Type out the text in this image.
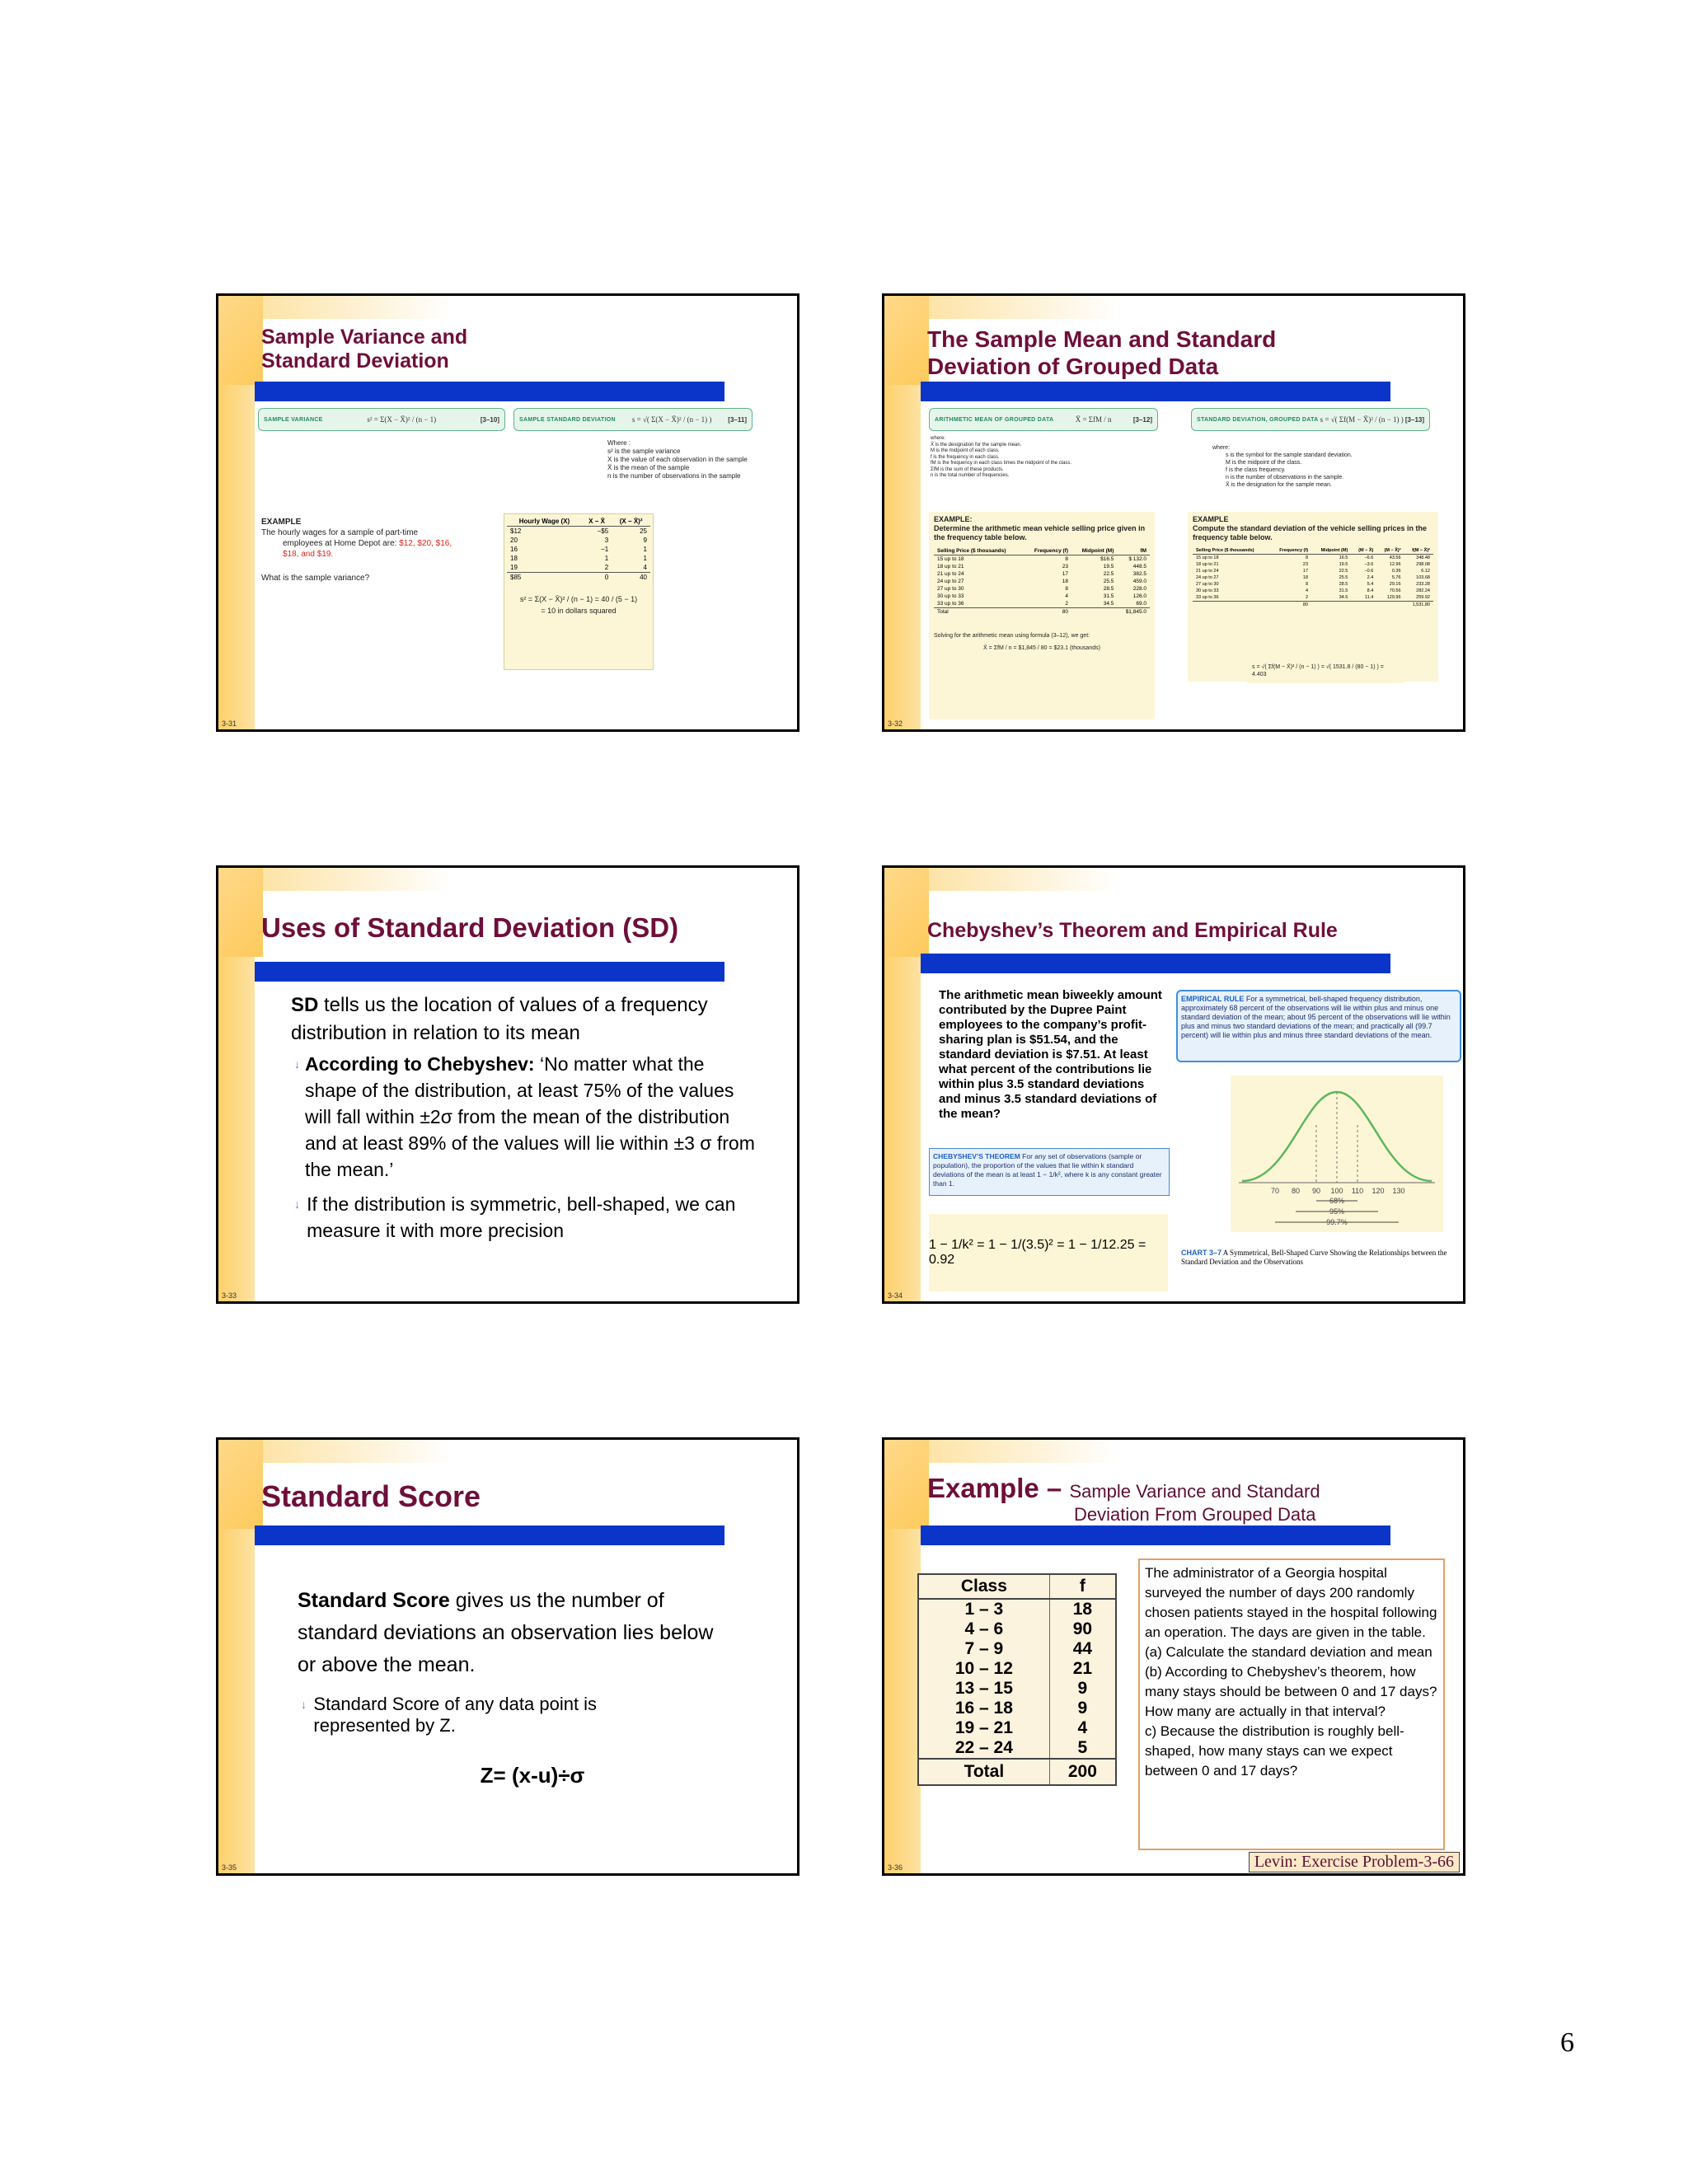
Sample Variance and
Standard Deviation
SAMPLE VARIANCE	s² = Σ(X − X̄)² / (n − 1)	[3–10]	SAMPLE STANDARD DEVIATION s = √( Σ(X − X̄)² / (n − 1) ) [3–11]
Where :
s² is the sample variance
X is the value of each observation in the sample
X̄ is the mean of the sample
n is the number of observations in the sample
EXAMPLE
The hourly wages for a sample of part-time
employees at Home Depot are: $12, $20, $16, $18, and $19.
What is the sample variance?
Hourly Wage (X)	X − X̄	(X − X̄)²
$12	−$5	25
20	3	9
16	−1	1
18	1	1
19	2	4
$85	0	40
s² = Σ(X − X̄)² / (n − 1) = 40 / (5 − 1)
= 10 in dollars squared
3-31
The Sample Mean and Standard
Deviation of Grouped Data
ARITHMETIC MEAN OF GROUPED DATA	X̄ = ΣfM / n	[3–12]	STANDARD DEVIATION, GROUPED DATA s = √( Σf(M − X̄)² / (n − 1) ) [3–13]
where:
X̄ is the designation for the sample mean.
M is the midpoint of each class.
f is the frequency in each class.
fM is the frequency in each class times the midpoint of the class.
ΣfM is the sum of these products.
n is the total number of frequencies.
where:
s is the symbol for the sample standard deviation.
M is the midpoint of the class.
f is the class frequency.
n is the number of observations in the sample.
X̄ is the designation for the sample mean.
EXAMPLE:
Determine the arithmetic mean vehicle selling price given in the frequency table below.
Selling Price ($ thousands)	Frequency (f)	Midpoint (M)	fM
15 up to 18	8	$16.5	$ 132.0
18 up to 21	23	19.5	448.5
21 up to 24	17	22.5	382.5
24 up to 27	18	25.5	459.0
27 up to 30	8	28.5	228.0
30 up to 33	4	31.5	126.0
33 up to 36	2	34.5	69.0
Total	80		$1,845.0
Solving for the arithmetic mean using formula (3–12), we get:
X̄ = ΣfM / n = $1,845 / 80 = $23.1 (thousands)
EXAMPLE
Compute the standard deviation of the vehicle selling prices in the frequency table below.
Selling Price ($ thousands)	Frequency (f)	Midpoint (M)	(M − X̄)	(M − X̄)²	f(M − X̄)²
15 up to 18	8	16.5	−6.6	43.56	348.48
18 up to 21	23	19.5	−3.6	12.96	298.08
21 up to 24	17	22.5	−0.6	0.36	6.12
24 up to 27	18	25.5	2.4	5.76	103.68
27 up to 30	8	28.5	5.4	29.16	233.28
30 up to 33	4	31.5	8.4	70.56	282.24
33 up to 36	2	34.5	11.4	129.96	259.92
	80				1,531.80
s = √( Σf(M − X̄)² / (n − 1) ) = √( 1531.8 / (80 − 1) ) = 4.403
3-32
Uses of Standard Deviation (SD)
SD tells us the location of values of a frequency distribution in relation to its mean
↓ According to Chebyshev: ‘No matter what the shape of the distribution, at least 75% of the values will fall within ±2σ from the mean of the distribution and at least 89% of the values will lie within ±3 σ from the mean.’
↓ If the distribution is symmetric, bell-shaped, we can measure it with more precision
3-33
Chebyshev’s Theorem and Empirical Rule
The arithmetic mean biweekly amount contributed by the Dupree Paint employees to the company’s profit-sharing plan is $51.54, and the standard deviation is $7.51. At least what percent of the contributions lie within plus 3.5 standard deviations and minus 3.5 standard deviations of the mean?
EMPIRICAL RULE For a symmetrical, bell-shaped frequency distribution, approximately 68 percent of the observations will lie within plus and minus one standard deviation of the mean; about 95 percent of the observations will lie within plus and minus two standard deviations of the mean; and practically all (99.7 percent) will lie within plus and minus three standard deviations of the mean.
CHEBYSHEV’S THEOREM For any set of observations (sample or population), the proportion of the values that lie within k standard deviations of the mean is at least 1 − 1/k², where k is any constant greater than 1.
1 − 1/k² = 1 − 1/(3.5)² = 1 − 1/12.25 = 0.92
70 80 90 100 110 120 130
68%
95%
99.7%
CHART 3–7 A Symmetrical, Bell-Shaped Curve Showing the Relationships between the Standard Deviation and the Observations
3-34
Standard Score
Standard Score gives us the number of standard deviations an observation lies below or above the mean.
↓ Standard Score of any data point is represented by Z.
Z= (x-u)÷σ
3-35
Example – Sample Variance and Standard
Deviation From Grouped Data
Class	f
1 – 3	18
4 – 6	90
7 – 9	44
10 – 12	21
13 – 15	9
16 – 18	9
19 – 21	4
22 – 24	5
Total	200
The administrator of a Georgia hospital surveyed the number of days 200 randomly chosen patients stayed in the hospital following an operation. The days are given in the table.
(a) Calculate the standard deviation and mean
(b) According to Chebyshev’s theorem, how many stays should be between 0 and 17 days? How many are actually in that interval?
c) Because the distribution is roughly bell-shaped, how many stays can we expect between 0 and 17 days?
Levin: Exercise Problem-3-66
3-36
6
